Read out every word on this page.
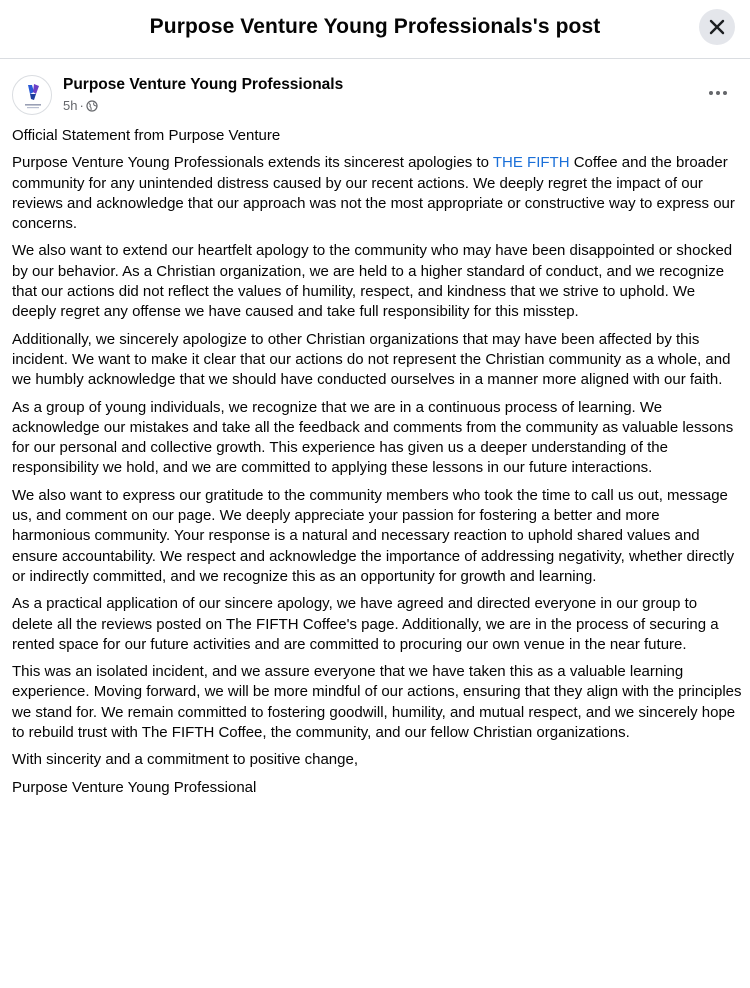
Purpose Venture Young Professionals's post
Purpose Venture Young Professionals
5h ·

Official Statement from Purpose Venture

Purpose Venture Young Professionals extends its sincerest apologies to THE FIFTH Coffee and the broader community for any unintended distress caused by our recent actions. We deeply regret the impact of our reviews and acknowledge that our approach was not the most appropriate or constructive way to express our concerns.

We also want to extend our heartfelt apology to the community who may have been disappointed or shocked by our behavior. As a Christian organization, we are held to a higher standard of conduct, and we recognize that our actions did not reflect the values of humility, respect, and kindness that we strive to uphold. We deeply regret any offense we have caused and take full responsibility for this misstep.

Additionally, we sincerely apologize to other Christian organizations that may have been affected by this incident. We want to make it clear that our actions do not represent the Christian community as a whole, and we humbly acknowledge that we should have conducted ourselves in a manner more aligned with our faith.

As a group of young individuals, we recognize that we are in a continuous process of learning. We acknowledge our mistakes and take all the feedback and comments from the community as valuable lessons for our personal and collective growth. This experience has given us a deeper understanding of the responsibility we hold, and we are committed to applying these lessons in our future interactions.

We also want to express our gratitude to the community members who took the time to call us out, message us, and comment on our page. We deeply appreciate your passion for fostering a better and more harmonious community. Your response is a natural and necessary reaction to uphold shared values and ensure accountability. We respect and acknowledge the importance of addressing negativity, whether directly or indirectly committed, and we recognize this as an opportunity for growth and learning.

As a practical application of our sincere apology, we have agreed and directed everyone in our group to delete all the reviews posted on The FIFTH Coffee's page. Additionally, we are in the process of securing a rented space for our future activities and are committed to procuring our own venue in the near future.

This was an isolated incident, and we assure everyone that we have taken this as a valuable learning experience. Moving forward, we will be more mindful of our actions, ensuring that they align with the principles we stand for. We remain committed to fostering goodwill, humility, and mutual respect, and we sincerely hope to rebuild trust with The FIFTH Coffee, the community, and our fellow Christian organizations.

With sincerity and a commitment to positive change,

Purpose Venture Young Professional
